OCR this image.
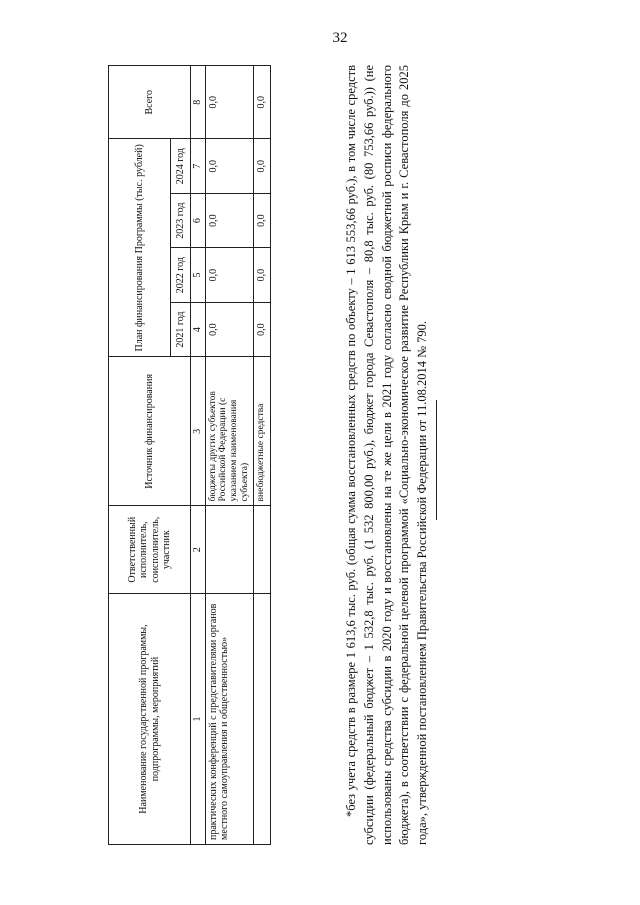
32
Наименование государственной программы, подпрограммы, мероприятий	Ответственный исполнитель, соисполнитель, участник	Источник финансирования	План финансирования Программы (тыс. рублей)				Всего
			2021 год	2022 год	2023 год	2024 год	
1	2	3	4	5	6	7	8
практических конференций с представителями органов местного самоуправления и общественностью»		бюджеты других субъектов Российской Федерации (с указанием наименования субъекта)	0,0	0,0	0,0	0,0	0,0
		внебюджетные средства	0,0	0,0	0,0	0,0	0,0	*без учета средств в размере 1 613,6 тыс. руб. (общая сумма восстановленных средств по объекту – 1 613 553,66 руб.), в том числе средств субсидии (федеральный бюджет – 1 532,8 тыс. руб. (1 532 800,00 руб.), бюджет города Севастополя – 80,8 тыс. руб. (80 753,66 руб.)) (не использованы средства субсидии в 2020 году и восстановлены на те же цели в 2021 году согласно сводной бюджетной росписи федерального бюджета), в соответствии с федеральной целевой программой «Социально-экономическое развитие Республики Крым и г. Севастополя до 2025 года», утвержденной постановлением Правительства Российской Федерации от 11.08.2014 № 790.
